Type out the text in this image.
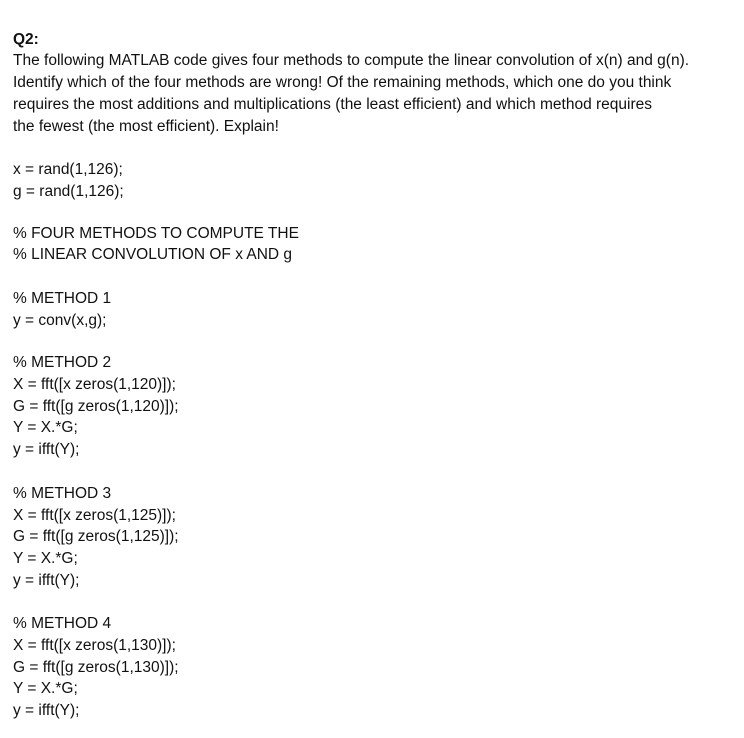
Q2:
The following MATLAB code gives four methods to compute the linear convolution of x(n) and g(n).
Identify which of the four methods are wrong! Of the remaining methods, which one do you think
requires the most additions and multiplications (the least efficient) and which method requires
the fewest (the most efficient). Explain!
x = rand(1,126);
g = rand(1,126);
% FOUR METHODS TO COMPUTE THE
% LINEAR CONVOLUTION OF x AND g
% METHOD 1
y = conv(x,g);
% METHOD 2
X = fft([x zeros(1,120)]);
G = fft([g zeros(1,120)]);
Y = X.*G;
y = ifft(Y);
% METHOD 3
X = fft([x zeros(1,125)]);
G = fft([g zeros(1,125)]);
Y = X.*G;
y = ifft(Y);
% METHOD 4
X = fft([x zeros(1,130)]);
G = fft([g zeros(1,130)]);
Y = X.*G;
y = ifft(Y);
